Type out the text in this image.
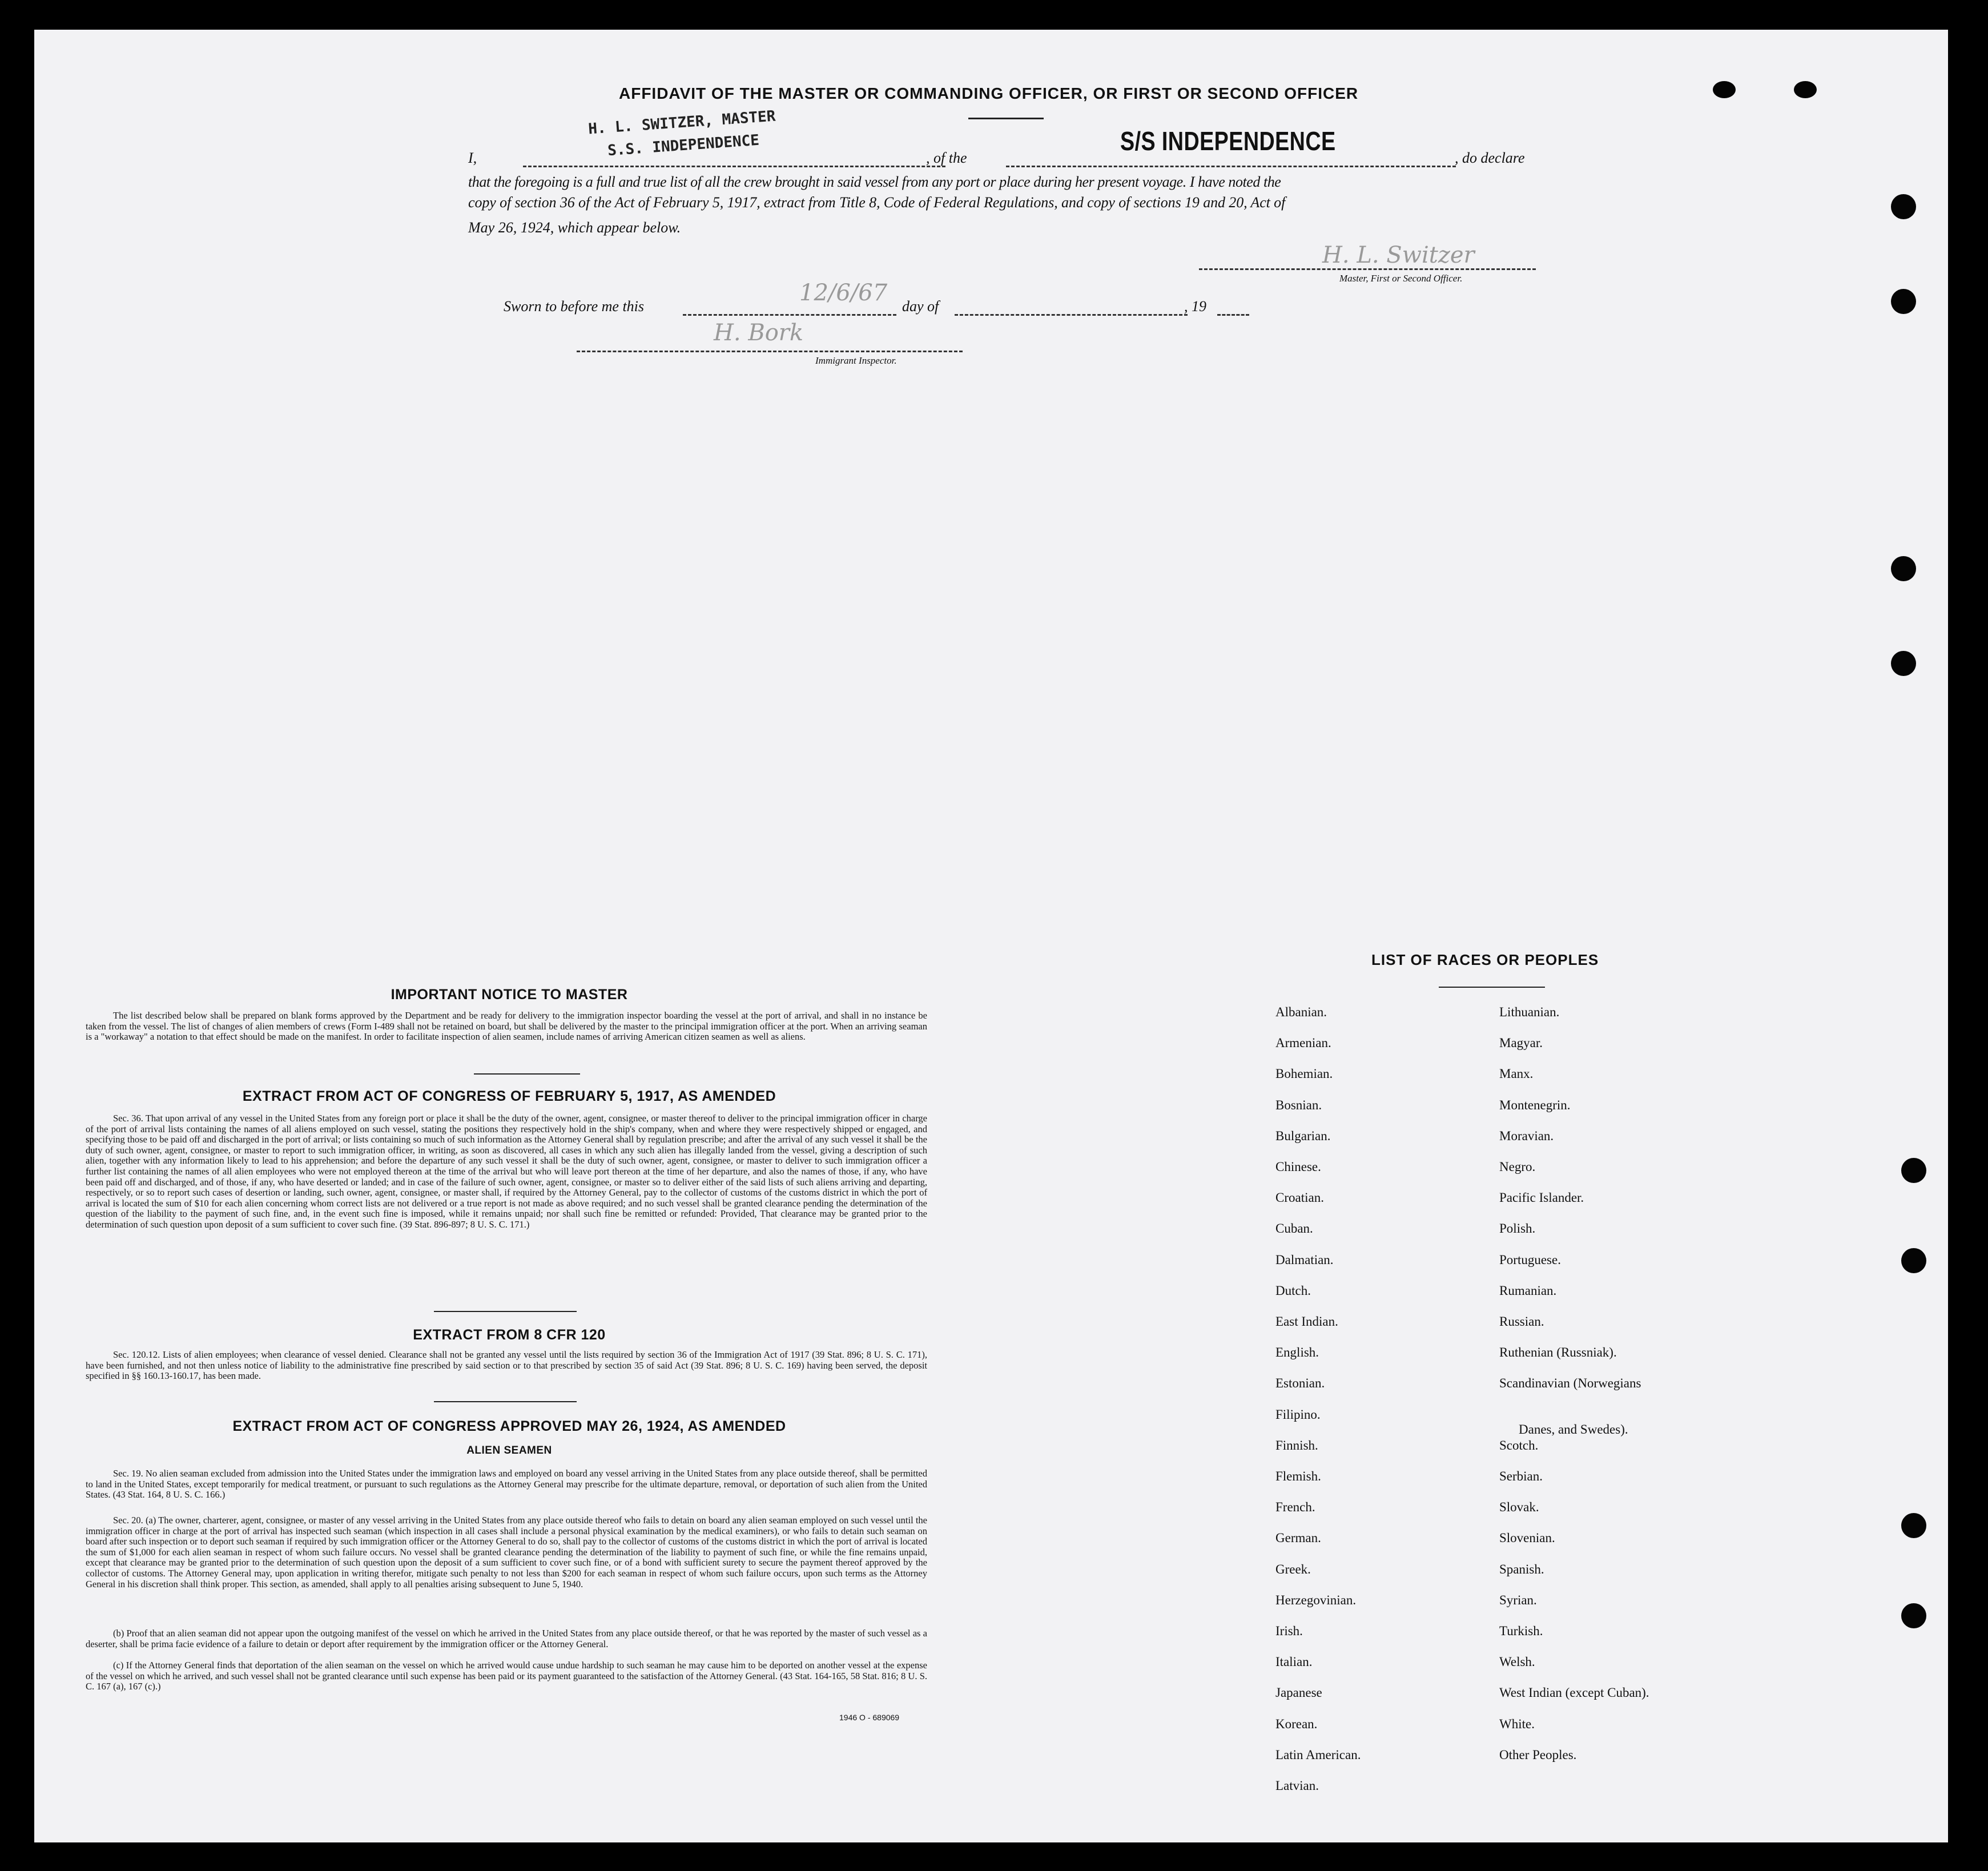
AFFIDAVIT OF THE MASTER OR COMMANDING OFFICER, OR FIRST OR SECOND OFFICER
I,
H. L. SWITZER, MASTER
S.S. INDEPENDENCE	, of the
S/S INDEPENDENCE
, do declare
that the foregoing is a full and true list of all the crew brought in said vessel from any port or place during her present voyage. I have noted the
copy of section 36 of the Act of February 5, 1917, extract from Title 8, Code of Federal Regulations, and copy of sections 19 and 20, Act of
May 26, 1924, which appear below.
H. L. Switzer
Master, First or Second Officer.
Sworn to before me this
12/6/67
day of	, 19
H. Bork
Immigrant Inspector.
IMPORTANT NOTICE TO MASTER

The list described below shall be prepared on blank forms approved by the Department and be ready for delivery to the immigration inspector boarding the vessel at the port of arrival, and shall in no instance be taken from the vessel. The list of changes of alien members of crews (Form I-489 shall not be retained on board, but shall be delivered by the master to the principal immigration officer at the port. When an arriving seaman is a "workaway" a notation to that effect should be made on the manifest. In order to facilitate inspection of alien seamen, include names of arriving American citizen seamen as well as aliens.

EXTRACT FROM ACT OF CONGRESS OF FEBRUARY 5, 1917, AS AMENDED

Sec. 36. That upon arrival of any vessel in the United States from any foreign port or place it shall be the duty of the owner, agent, consignee, or master thereof to deliver to the principal immigration officer in charge of the port of arrival lists containing the names of all aliens employed on such vessel, stating the positions they respectively hold in the ship's company, when and where they were respectively shipped or engaged, and specifying those to be paid off and discharged in the port of arrival; or lists containing so much of such information as the Attorney General shall by regulation prescribe; and after the arrival of any such vessel it shall be the duty of such owner, agent, consignee, or master to report to such immigration officer, in writing, as soon as discovered, all cases in which any such alien has illegally landed from the vessel, giving a description of such alien, together with any information likely to lead to his apprehension; and before the departure of any such vessel it shall be the duty of such owner, agent, consignee, or master to deliver to such immigration officer a further list containing the names of all alien employees who were not employed thereon at the time of the arrival but who will leave port thereon at the time of her departure, and also the names of those, if any, who have been paid off and discharged, and of those, if any, who have deserted or landed; and in case of the failure of such owner, agent, consignee, or master so to deliver either of the said lists of such aliens arriving and departing, respectively, or so to report such cases of desertion or landing, such owner, agent, consignee, or master shall, if required by the Attorney General, pay to the collector of customs of the customs district in which the port of arrival is located the sum of $10 for each alien concerning whom correct lists are not delivered or a true report is not made as above required; and no such vessel shall be granted clearance pending the determination of the question of the liability to the payment of such fine, and, in the event such fine is imposed, while it remains unpaid; nor shall such fine be remitted or refunded: Provided, That clearance may be granted prior to the determination of such question upon deposit of a sum sufficient to cover such fine. (39 Stat. 896-897; 8 U. S. C. 171.)

EXTRACT FROM 8 CFR 120

Sec. 120.12. Lists of alien employees; when clearance of vessel denied. Clearance shall not be granted any vessel until the lists required by section 36 of the Immigration Act of 1917 (39 Stat. 896; 8 U. S. C. 171), have been furnished, and not then unless notice of liability to the administrative fine prescribed by said section or to that prescribed by section 35 of said Act (39 Stat. 896; 8 U. S. C. 169) having been served, the deposit specified in §§ 160.13-160.17, has been made.

EXTRACT FROM ACT OF CONGRESS APPROVED MAY 26, 1924, AS AMENDED
ALIEN SEAMEN

Sec. 19. No alien seaman excluded from admission into the United States under the immigration laws and employed on board any vessel arriving in the United States from any place outside thereof, shall be permitted to land in the United States, except temporarily for medical treatment, or pursuant to such regulations as the Attorney General may prescribe for the ultimate departure, removal, or deportation of such alien from the United States. (43 Stat. 164, 8 U. S. C. 166.)

Sec. 20. (a) The owner, charterer, agent, consignee, or master of any vessel arriving in the United States from any place outside thereof who fails to detain on board any alien seaman employed on such vessel until the immigration officer in charge at the port of arrival has inspected such seaman (which inspection in all cases shall include a personal physical examination by the medical examiners), or who fails to detain such seaman on board after such inspection or to deport such seaman if required by such immigration officer or the Attorney General to do so, shall pay to the collector of customs of the customs district in which the port of arrival is located the sum of $1,000 for each alien seaman in respect of whom such failure occurs. No vessel shall be granted clearance pending the determination of the liability to payment of such fine, or while the fine remains unpaid, except that clearance may be granted prior to the determination of such question upon the deposit of a sum sufficient to cover such fine, or of a bond with sufficient surety to secure the payment thereof approved by the collector of customs. The Attorney General may, upon application in writing therefor, mitigate such penalty to not less than $200 for each seaman in respect of whom such failure occurs, upon such terms as the Attorney General in his discretion shall think proper. This section, as amended, shall apply to all penalties arising subsequent to June 5, 1940.

(b) Proof that an alien seaman did not appear upon the outgoing manifest of the vessel on which he arrived in the United States from any place outside thereof, or that he was reported by the master of such vessel as a deserter, shall be prima facie evidence of a failure to detain or deport after requirement by the immigration officer or the Attorney General.

(c) If the Attorney General finds that deportation of the alien seaman on the vessel on which he arrived would cause undue hardship to such seaman he may cause him to be deported on another vessel at the expense of the vessel on which he arrived, and such vessel shall not be granted clearance until such expense has been paid or its payment guaranteed to the satisfaction of the Attorney General. (43 Stat. 164-165, 58 Stat. 816; 8 U. S. C. 167 (a), 167 (c).)

1946 O - 689069
LIST OF RACES OR PEOPLES
Albanian.
Armenian.
Bohemian.
Bosnian.
Bulgarian.
Chinese.
Croatian.
Cuban.
Dalmatian.
Dutch.
East Indian.
English.
Estonian.
Filipino.
Finnish.
Flemish.
French.
German.
Greek.
Herzegovinian.
Irish.
Italian.
Japanese
Korean.
Latin American.
Latvian.
Lithuanian.
Magyar.
Manx.
Montenegrin.
Moravian.
Negro.
Pacific Islander.
Polish.
Portuguese.
Rumanian.
Russian.
Ruthenian (Russniak).
Scandinavian (Norwegians
Danes, and Swedes).
Scotch.
Serbian.
Slovak.
Slovenian.
Spanish.
Syrian.
Turkish.
Welsh.
West Indian (except Cuban).
White.
Other Peoples.
